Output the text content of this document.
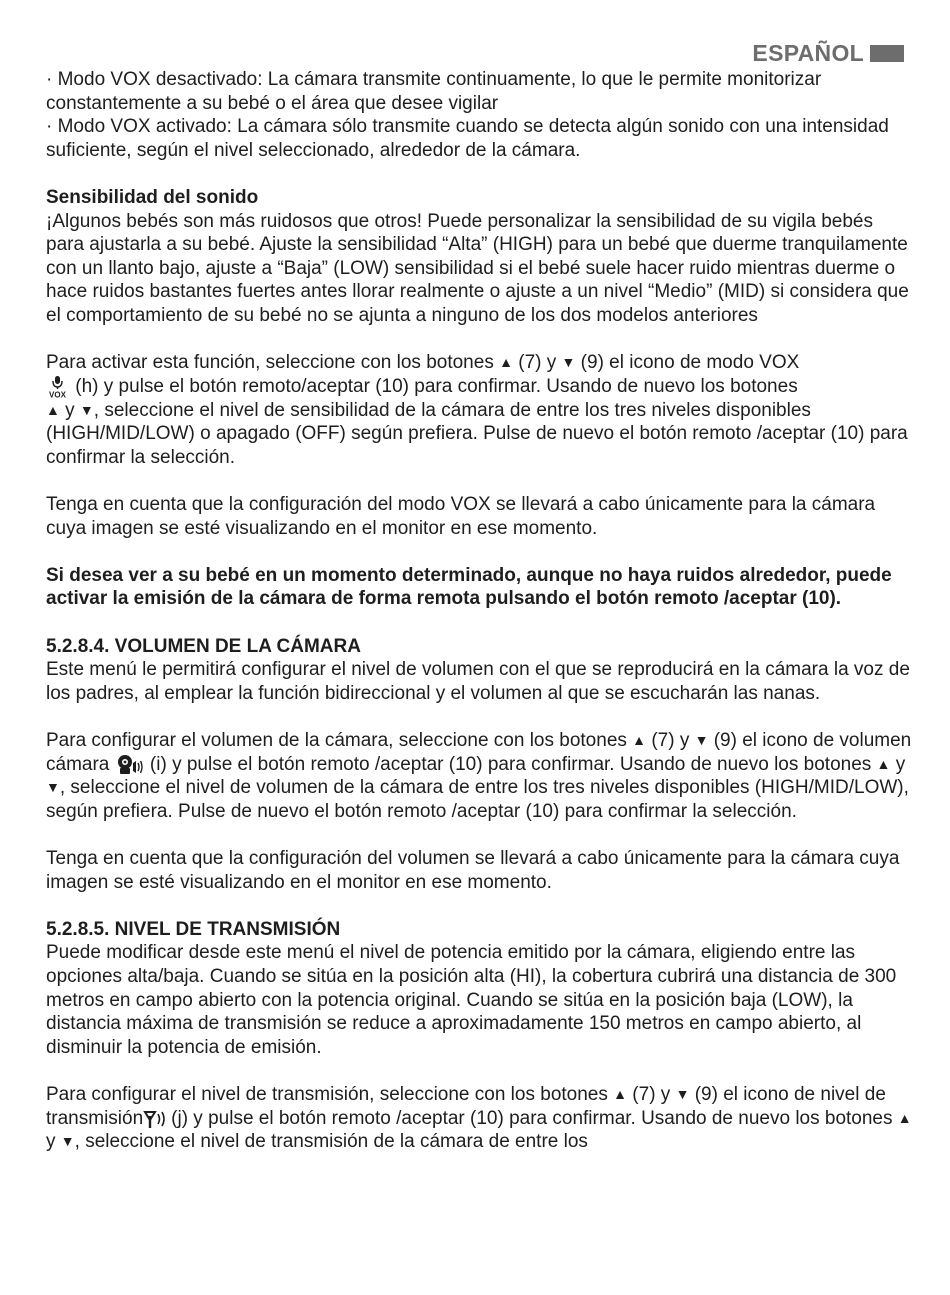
ESPAÑOL

· Modo VOX desactivado: La cámara transmite continuamente, lo que le permite monitorizar constantemente a su bebé o el área que desee vigilar

· Modo VOX activado: La cámara sólo transmite cuando se detecta algún sonido con una intensidad suficiente, según el nivel seleccionado, alrededor de la cámara.

Sensibilidad del sonido

¡Algunos bebés son más ruidosos que otros! Puede personalizar la sensibilidad de su vigila bebés para ajustarla a su bebé. Ajuste la sensibilidad “Alta” (HIGH) para un bebé que duerme tranquilamente con un llanto bajo, ajuste a “Baja” (LOW) sensibilidad si el bebé suele hacer ruido mientras duerme o hace ruidos bastantes fuertes antes llorar realmente o ajuste a un nivel “Medio” (MID) si considera que el comportamiento de su bebé no se ajunta a ninguno de los dos modelos anteriores

Para activar esta función, seleccione con los botones ▲ (7) y ▼ (9) el icono de modo VOX

VOX (h) y pulse el botón remoto/aceptar (10) para confirmar. Usando de nuevo los botones
▲ y ▼, seleccione el nivel de sensibilidad de la cámara de entre los tres niveles disponibles (HIGH/MID/LOW) o apagado (OFF) según prefiera. Pulse de nuevo el botón remoto /aceptar (10) para confirmar la selección.

Tenga en cuenta que la configuración del modo VOX se llevará a cabo únicamente para la cámara cuya imagen se esté visualizando en el monitor en ese momento.

Si desea ver a su bebé en un momento determinado, aunque no haya ruidos alrededor, puede activar la emisión de la cámara de forma remota pulsando el botón remoto /aceptar (10).

5.2.8.4. VOLUMEN DE LA CÁMARA

Este menú le permitirá configurar el nivel de volumen con el que se reproducirá en la cámara la voz de los padres, al emplear la función bidireccional y el volumen al que se escucharán las nanas.

Para configurar el volumen de la cámara, seleccione con los botones ▲ (7) y ▼ (9) el icono de volumen cámara (i) y pulse el botón remoto /aceptar (10) para confirmar. Usando de nuevo los botones ▲ y ▼, seleccione el nivel de volumen de la cámara de entre los tres niveles disponibles (HIGH/MID/LOW), según prefiera. Pulse de nuevo el botón remoto /aceptar (10) para confirmar la selección.

Tenga en cuenta que la configuración del volumen se llevará a cabo únicamente para la cámara cuya imagen se esté visualizando en el monitor en ese momento.

5.2.8.5. NIVEL DE TRANSMISIÓN

Puede modificar desde este menú el nivel de potencia emitido por la cámara, eligiendo entre las opciones alta/baja. Cuando se sitúa en la posición alta (HI), la cobertura cubrirá una distancia de 300 metros en campo abierto con la potencia original. Cuando se sitúa en la posición baja (LOW), la distancia máxima de transmisión se reduce a aproximadamente 150 metros en campo abierto, al disminuir la potencia de emisión.

Para configurar el nivel de transmisión, seleccione con los botones ▲ (7) y ▼ (9) el icono de nivel de transmisión (j) y pulse el botón remoto /aceptar (10) para confirmar. Usando de nuevo los botones ▲ y ▼, seleccione el nivel de transmisión de la cámara de entre los
